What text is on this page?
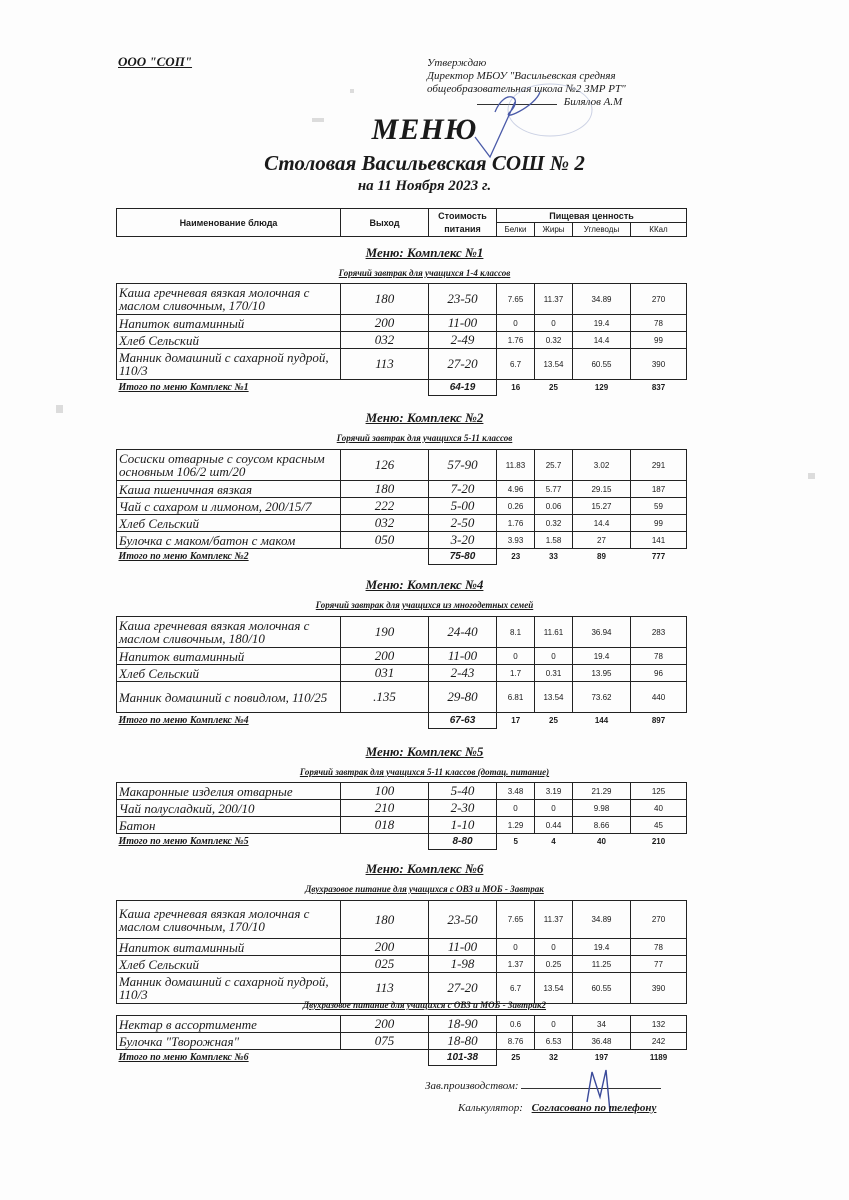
ООО "СОП"	Утверждаю
Директор МБОУ "Васильевская средняя
общеобразовательная школа №2 ЗМР РТ"
Билялов А.М
МЕНЮ
Столовая Васильевская СОШ № 2
на 11 Ноября 2023 г.
Наименование блюда	Выход	Стоимость питания	Пищевая ценность			
			Белки	Жиры	Углеводы	ККал
Меню: Комплекс №1
Горячий завтрак для учащихся 1-4 классов
Каша гречневая вязкая молочная с маслом сливочным, 170/10	180	23-50	7.65	11.37	34.89	270
Напиток витаминный	200	11-00	0	0	19.4	78
Хлеб Сельский	032	2-49	1.76	0.32	14.4	99
Манник домашний с сахарной пудрой, 110/3	113	27-20	6.7	13.54	60.55	390
Итого по меню Комплекс №1		64-19	16	25	129	837
Меню: Комплекс №2
Горячий завтрак для учащихся 5-11 классов
Сосиски отварные с соусом красным основным 106/2 шт/20	126	57-90	11.83	25.7	3.02	291
Каша пшеничная вязкая	180	7-20	4.96	5.77	29.15	187
Чай с сахаром и лимоном, 200/15/7	222	5-00	0.26	0.06	15.27	59
Хлеб Сельский	032	2-50	1.76	0.32	14.4	99
Булочка с маком/батон с маком	050	3-20	3.93	1.58	27	141
Итого по меню Комплекс №2		75-80	23	33	89	777
Меню: Комплекс №4
Горячий завтрак для учащихся из многодетных семей
Каша гречневая вязкая молочная с маслом сливочным, 180/10	190	24-40	8.1	11.61	36.94	283
Напиток витаминный	200	11-00	0	0	19.4	78
Хлеб Сельский	031	2-43	1.7	0.31	13.95	96
Манник домашний с повидлом, 110/25	.135	29-80	6.81	13.54	73.62	440
Итого по меню Комплекс №4		67-63	17	25	144	897
Меню: Комплекс №5
Горячий завтрак для учащихся 5-11 классов (дотац. питание)
Макаронные изделия отварные	100	5-40	3.48	3.19	21.29	125
Чай полусладкий, 200/10	210	2-30	0	0	9.98	40
Батон	018	1-10	1.29	0.44	8.66	45
Итого по меню Комплекс №5		8-80	5	4	40	210
Меню: Комплекс №6
Двухразовое питание для учащихся с ОВЗ и МОБ - Завтрак
Каша гречневая вязкая молочная с маслом сливочным, 170/10	180	23-50	7.65	11.37	34.89	270
Напиток витаминный	200	11-00	0	0	19.4	78
Хлеб Сельский	025	1-98	1.37	0.25	11.25	77
Манник домашний с сахарной пудрой, 110/3	113	27-20	6.7	13.54	60.55	390
Двухразовое питание для учащихся с ОВЗ и МОБ - Завтрак2
Нектар в ассортименте	200	18-90	0.6	0	34	132
Булочка "Творожная"	075	18-80	8.76	6.53	36.48	242
Итого по меню Комплекс №6		101-38	25	32	197	1189
Зав.производством:
Калькулятор: Согласовано по телефону
